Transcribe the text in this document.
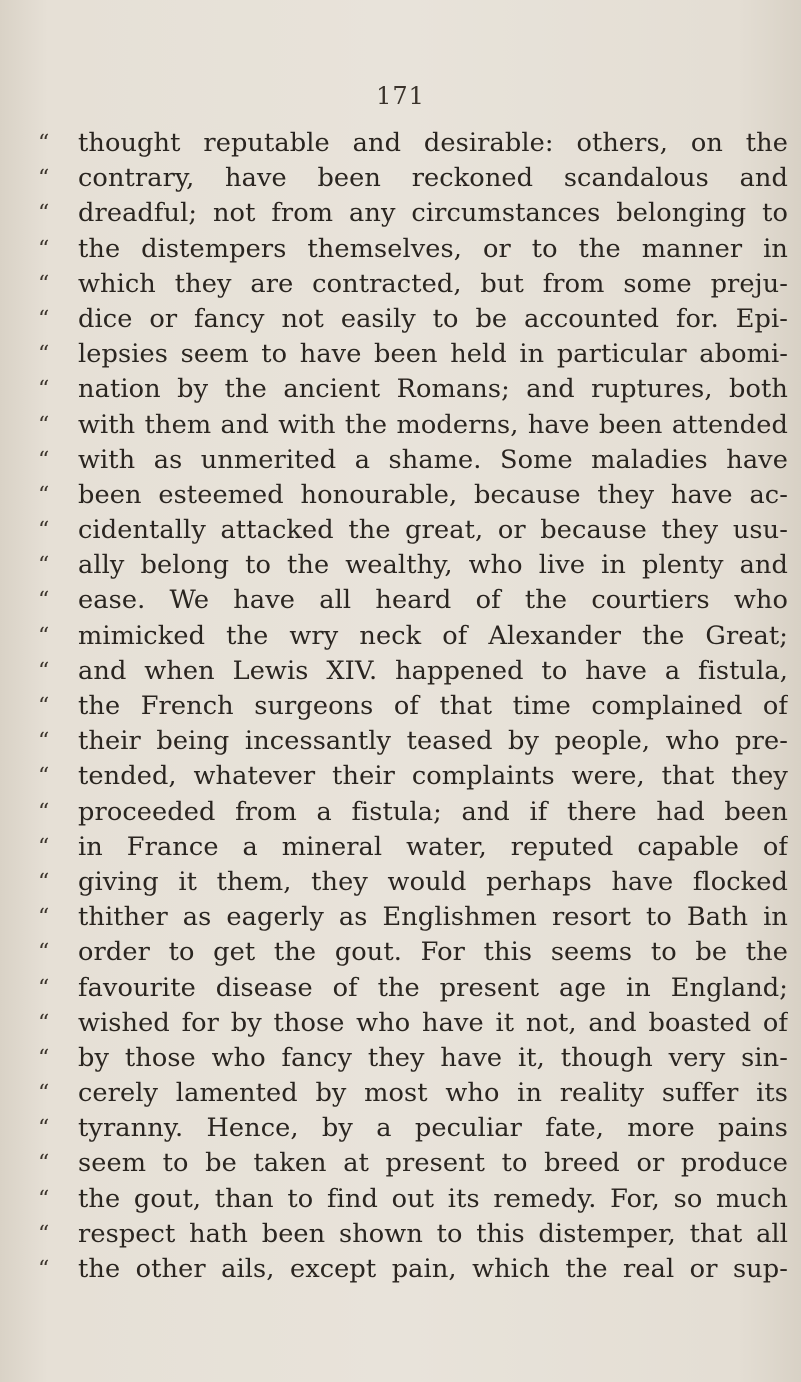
171
“	thought reputable and desirable: others, on the
“	contrary, have been reckoned scandalous and
“	dreadful; not from any circumstances belonging to
“	the distempers themselves, or to the manner in
“	which they are contracted, but from some preju-
“	dice or fancy not easily to be accounted for. Epi-
“	lepsies seem to have been held in particular abomi-
“	nation by the ancient Romans; and ruptures, both
“	with them and with the moderns, have been attended
“	with as unmerited a shame. Some maladies have
“	been esteemed honourable, because they have ac-
“	cidentally attacked the great, or because they usu-
“	ally belong to the wealthy, who live in plenty and
“	ease. We have all heard of the courtiers who
“	mimicked the wry neck of Alexander the Great;
“	and when Lewis XIV. happened to have a fistula,
“	the French surgeons of that time complained of
“	their being incessantly teased by people, who pre-
“	tended, whatever their complaints were, that they
“	proceeded from a fistula; and if there had been
“	in France a mineral water, reputed capable of
“	giving it them, they would perhaps have flocked
“	thither as eagerly as Englishmen resort to Bath in
“	order to get the gout. For this seems to be the
“	favourite disease of the present age in England;
“	wished for by those who have it not, and boasted of
“	by those who fancy they have it, though very sin-
“	cerely lamented by most who in reality suffer its
“	tyranny. Hence, by a peculiar fate, more pains
“	seem to be taken at present to breed or produce
“	the gout, than to find out its remedy. For, so much
“	respect hath been shown to this distemper, that all
“	the other ails, except pain, which the real or sup-
